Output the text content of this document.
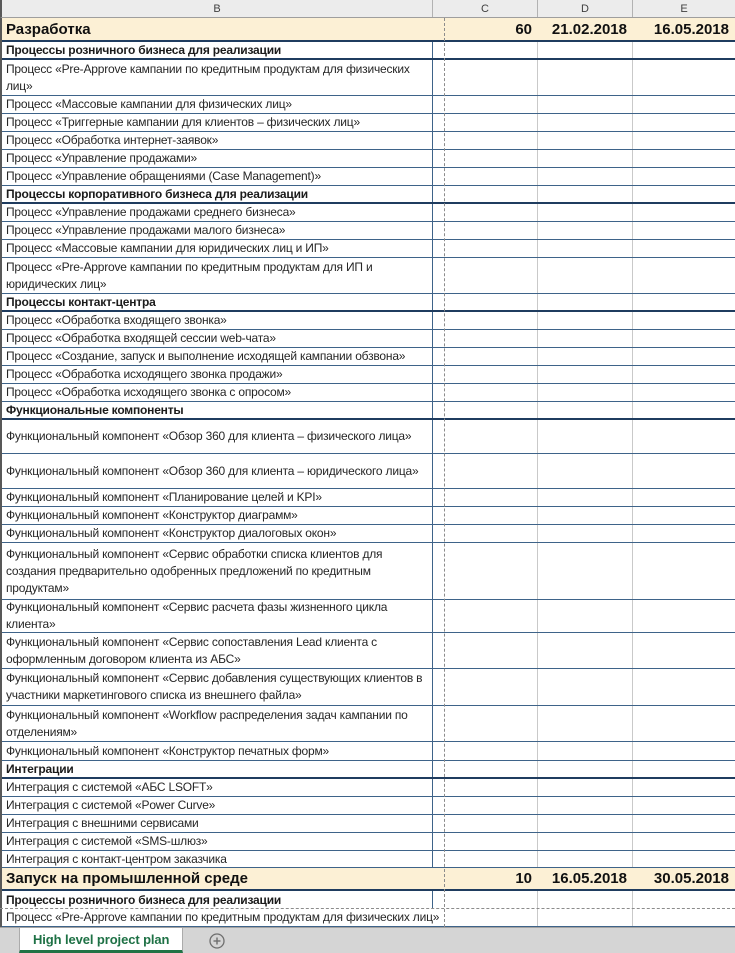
B	C	D	E
Разработка	60	21.02.2018	16.05.2018
Процессы розничного бизнеса для реализации
Процесс «Pre-Approve кампании по кредитным продуктам для физических лиц»
Процесс «Массовые кампании для физических лиц»
Процесс «Триггерные кампании для клиентов – физических лиц»
Процесс «Обработка интернет-заявок»
Процесс «Управление продажами»
Процесс «Управление обращениями (Case Management)»
Процессы корпоративного бизнеса для реализации
Процесс «Управление продажами среднего бизнеса»
Процесс «Управление продажами малого бизнеса»
Процесс «Массовые кампании для юридических лиц и ИП»
Процесс «Pre-Approve кампании по кредитным продуктам для ИП и юридических лиц»
Процессы контакт-центра
Процесс «Обработка входящего звонка»
Процесс «Обработка входящей сессии web-чата»
Процесс «Создание, запуск и выполнение исходящей кампании обзвона»
Процесс «Обработка исходящего звонка продажи»
Процесс «Обработка исходящего звонка с опросом»
Функциональные компоненты
Функциональный компонент «Обзор 360 для клиента – физического лица»
Функциональный компонент «Обзор 360 для клиента – юридического лица»
Функциональный компонент «Планирование целей и KPI»
Функциональный компонент «Конструктор диаграмм»
Функциональный компонент «Конструктор диалоговых окон»
Функциональный компонент «Сервис обработки списка клиентов для создания предварительно одобренных предложений по кредитным продуктам»
Функциональный компонент «Сервис расчета фазы жизненного цикла клиента»
Функциональный компонент «Сервис сопоставления Lead клиента с оформленным договором клиента из АБС»
Функциональный компонент «Сервис добавления существующих клиентов в участники маркетингового списка из внешнего файла»
Функциональный компонент «Workflow распределения задач кампании по отделениям»
Функциональный компонент «Конструктор печатных форм»
Интеграции
Интеграция с системой «АБС LSOFT»
Интеграция с системой «Power Curve»
Интеграция с внешними сервисами
Интеграция с системой «SMS-шлюз»
Интеграция с контакт-центром заказчика
Запуск на промышленной среде	10	16.05.2018	30.05.2018
Процессы розничного бизнеса для реализации
Процесс «Pre-Approve кампании по кредитным продуктам для физических лиц»
High level project plan
